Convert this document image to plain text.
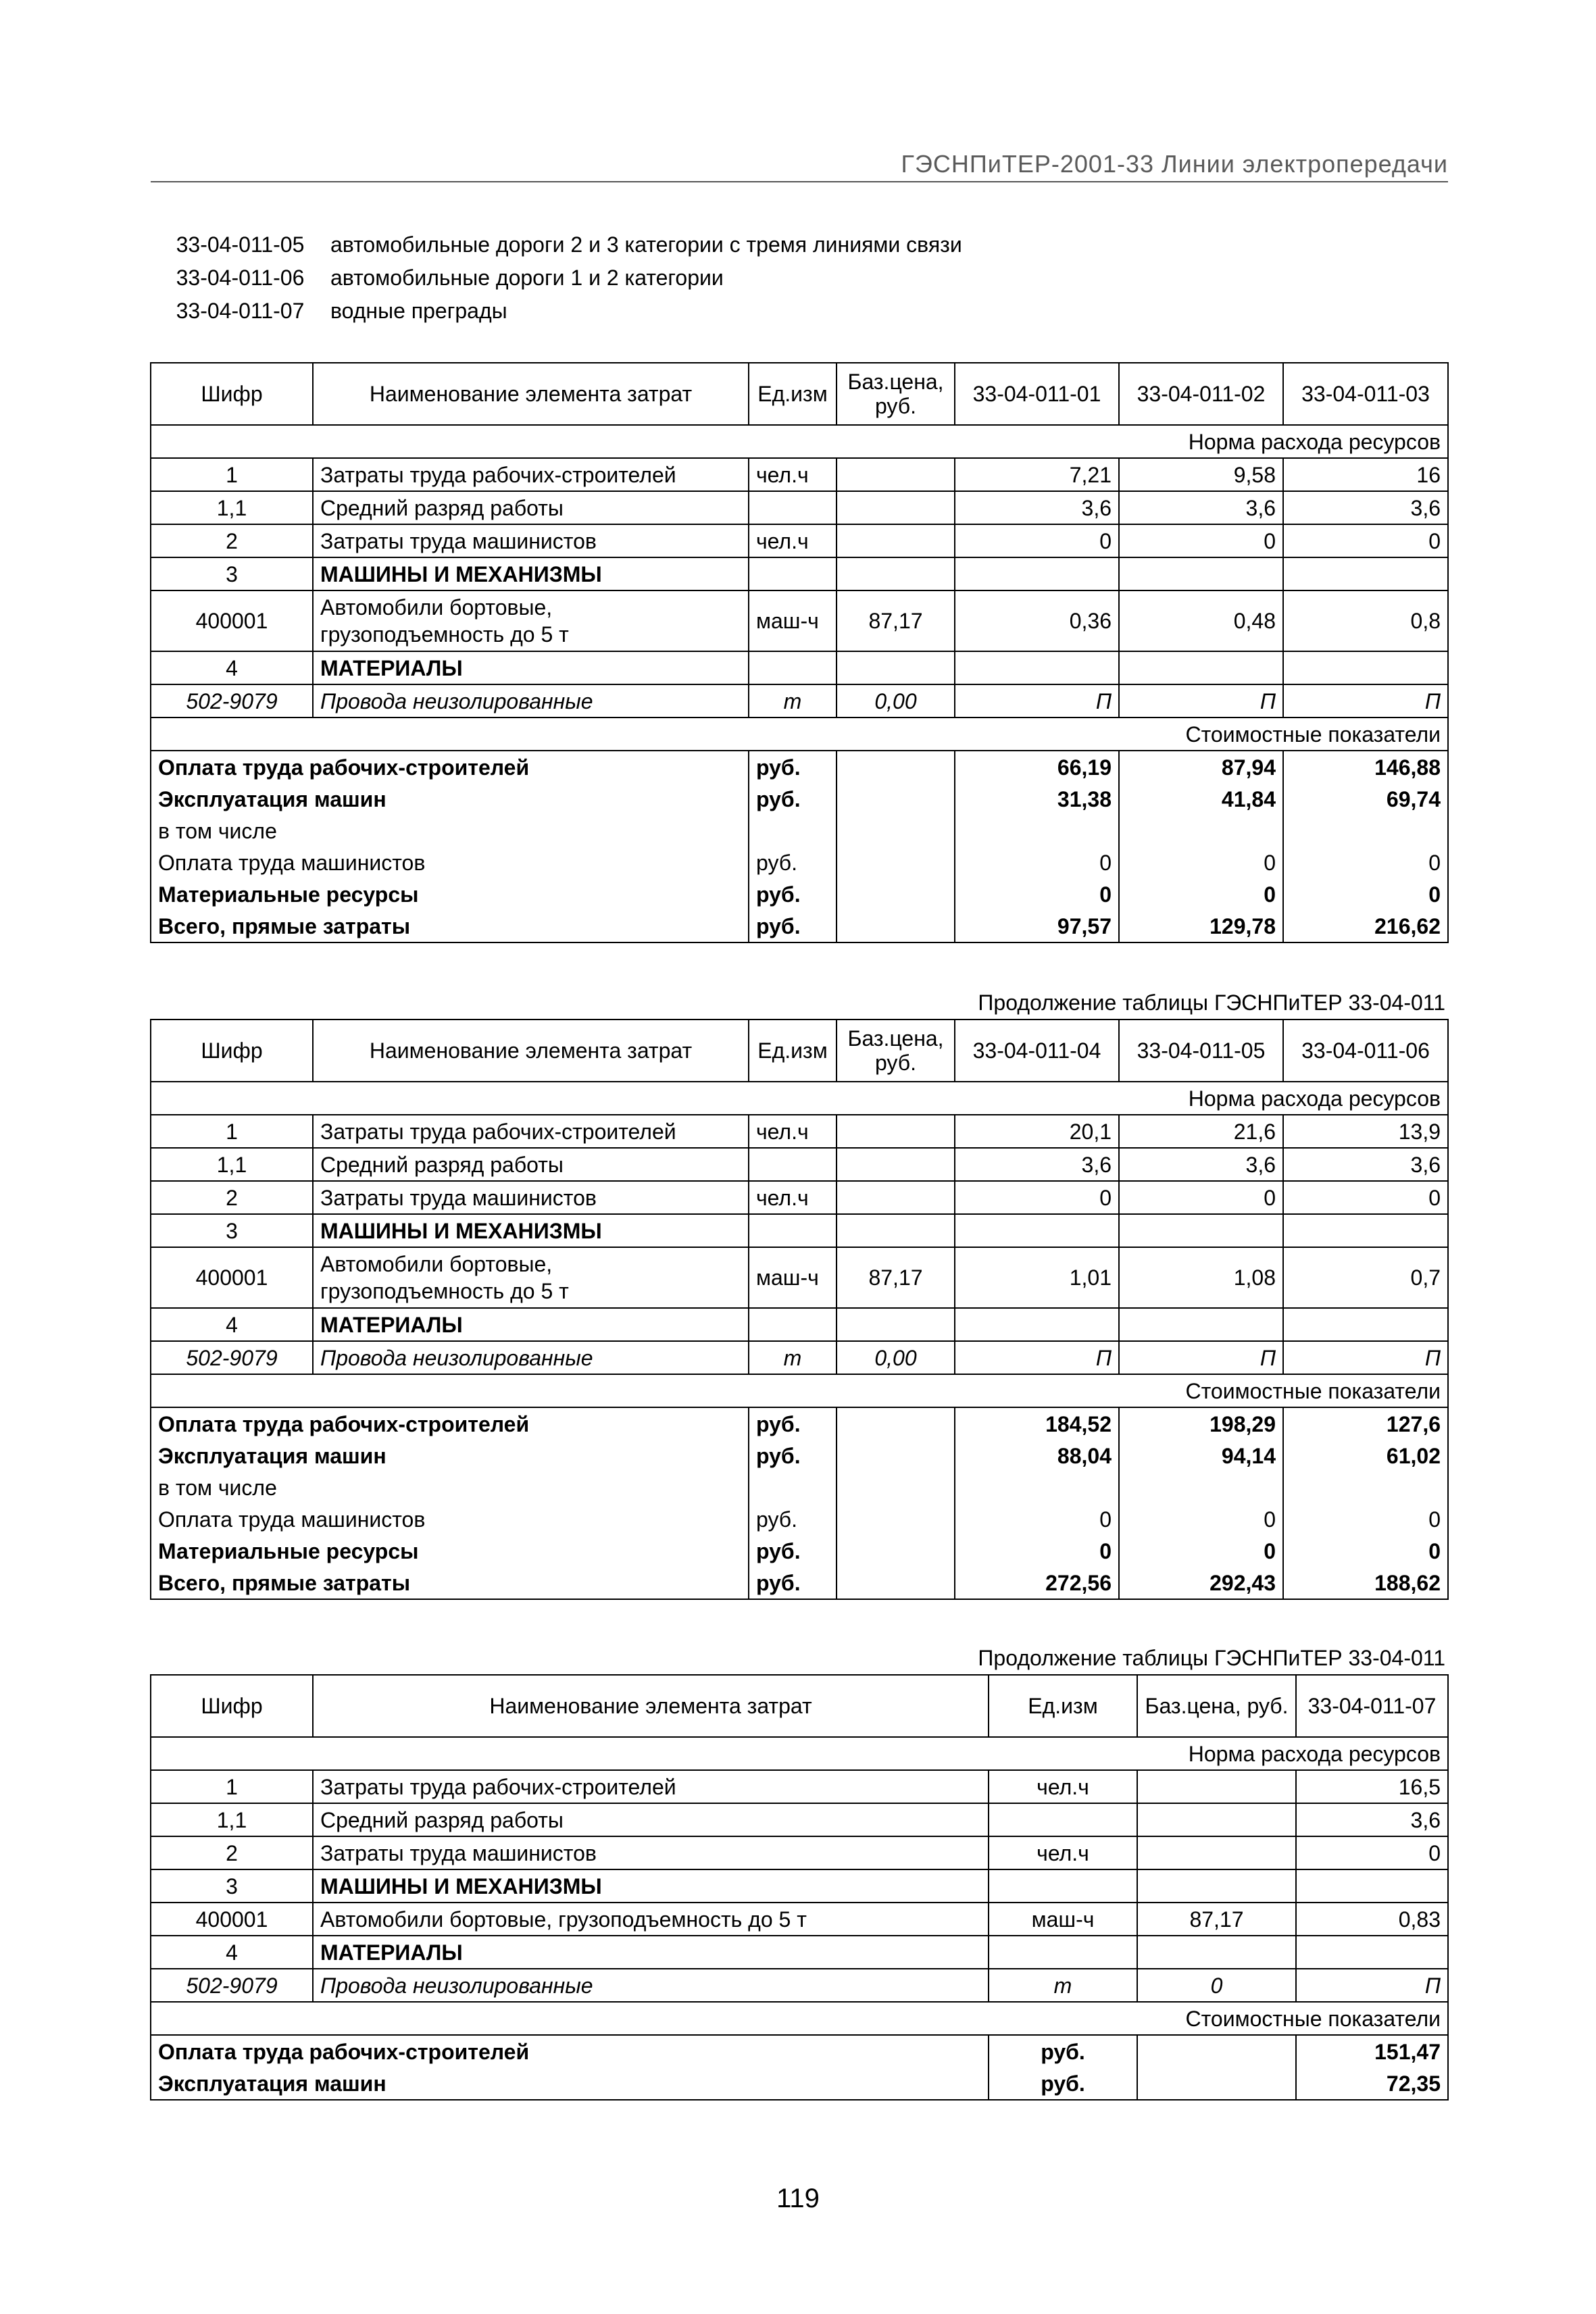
ГЭСНПиТЕР-2001-33 Линии электропередачи
33-04-011-05 автомобильные дороги 2 и 3 категории с тремя линиями связи
33-04-011-06 автомобильные дороги 1 и 2 категории
33-04-011-07 водные преграды
Шифр	Наименование элемента затрат	Ед.изм	Баз.цена, руб.	33-04-011-01	33-04-011-02	33-04-011-03
Норма расхода ресурсов						
1	Затраты труда рабочих-строителей	чел.ч		7,21	9,58	16
1,1	Средний разряд работы			3,6	3,6	3,6
2	Затраты труда машинистов	чел.ч		0	0	0
3	МАШИНЫ И МЕХАНИЗМЫ					
400001	Автомобили бортовые, грузоподъемность до 5 т	маш-ч	87,17	0,36	0,48	0,8
4	МАТЕРИАЛЫ					
502-9079	Провода неизолированные	т	0,00	П	П	П
Стоимостные показатели						
Оплата труда рабочих-строителей		руб.		66,19	87,94	146,88
Эксплуатация машин		руб.		31,38	41,84	69,74
в том числе						
Оплата труда машинистов		руб.		0	0	0
Материальные ресурсы		руб.		0	0	0
Всего, прямые затраты		руб.		97,57	129,78	216,62
Продолжение таблицы ГЭСНПиТЕР 33-04-011
Шифр	Наименование элемента затрат	Ед.изм	Баз.цена, руб.	33-04-011-04	33-04-011-05	33-04-011-06
Норма расхода ресурсов						
1	Затраты труда рабочих-строителей	чел.ч		20,1	21,6	13,9
1,1	Средний разряд работы			3,6	3,6	3,6
2	Затраты труда машинистов	чел.ч		0	0	0
3	МАШИНЫ И МЕХАНИЗМЫ					
400001	Автомобили бортовые, грузоподъемность до 5 т	маш-ч	87,17	1,01	1,08	0,7
4	МАТЕРИАЛЫ					
502-9079	Провода неизолированные	т	0,00	П	П	П
Стоимостные показатели						
Оплата труда рабочих-строителей		руб.		184,52	198,29	127,6
Эксплуатация машин		руб.		88,04	94,14	61,02
в том числе						
Оплата труда машинистов		руб.		0	0	0
Материальные ресурсы		руб.		0	0	0
Всего, прямые затраты		руб.		272,56	292,43	188,62
Продолжение таблицы ГЭСНПиТЕР 33-04-011
Шифр	Наименование элемента затрат	Ед.изм	Баз.цена, руб.	33-04-011-07
Норма расхода ресурсов				
1	Затраты труда рабочих-строителей	чел.ч		16,5
1,1	Средний разряд работы			3,6
2	Затраты труда машинистов	чел.ч		0
3	МАШИНЫ И МЕХАНИЗМЫ			
400001	Автомобили бортовые, грузоподъемность до 5 т	маш-ч	87,17	0,83
4	МАТЕРИАЛЫ			
502-9079	Провода неизолированные	т	0	П
Стоимостные показатели				
Оплата труда рабочих-строителей		руб.		151,47
Эксплуатация машин		руб.		72,35
119
